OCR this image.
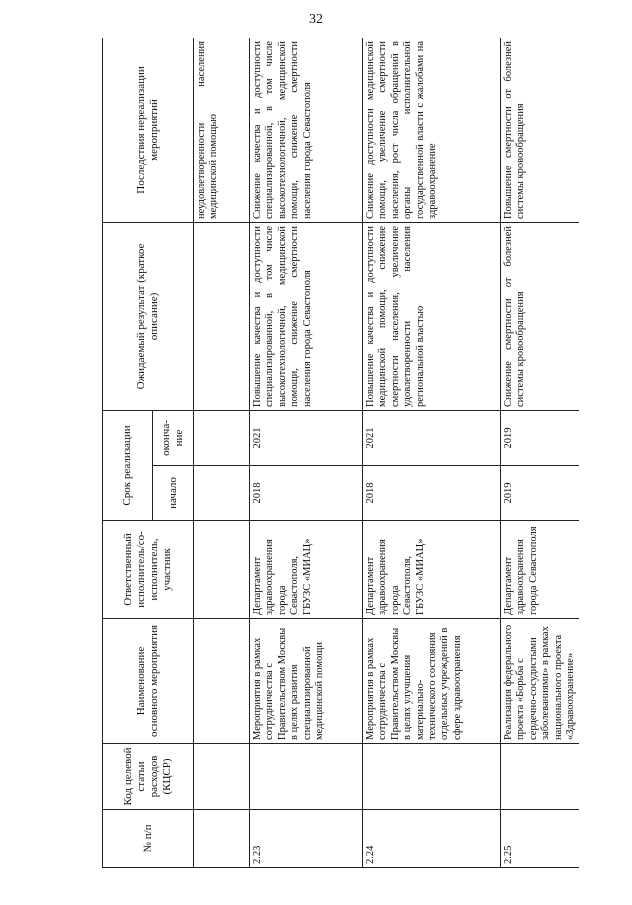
32
№ п/п	Код целевой статьи расходов (КЦСР)	Наименование основного мероприятия	Ответственный исполнитель/со-исполнитель, участник	Срок реализации		Ожидаемый результат (краткое описание)	Последствия нереализации мероприятий
				начало	оконча-ние		
							неудовлетворенности населения медицинской помощью
2.23		Мероприятия в рамках сотрудничества с Правительством Москвы в целях развития специализированной медицинской помощи	Департамент здравоохранения города Севастополя, ГБУЗС «МИАЦ»	2018	2021	Повышение качества и доступности специализированной, в том числе высокотехнологичной, медицинской помощи, снижение смертности населения города Севастополя	Снижение качества и доступности специализированной, в том числе высокотехнологичной, медицинской помощи, снижение смертности населения города Севастополя
2.24		Мероприятия в рамках сотрудничества с Правительством Москвы в целях улучшения материально-технического состояния отдельных учреждений в сфере здравоохранения	Департамент здравоохранения города Севастополя, ГБУЗС «МИАЦ»	2018	2021	Повышение качества и доступности медицинской помощи, снижение смертности населения, увеличение удовлетворенности населения региональной властью	Снижение доступности медицинской помощи, увеличение смертности населения, рост числа обращений в органы исполнительной государственной власти с жалобами на здравоохранение
2.25		Реализация федерального проекта «Борьба с сердечно-сосудистыми заболеваниями» в рамках национального проекта «Здравоохранение»	Департамент здравоохранения города Севастополя	2019	2019	Снижение смертности от болезней системы кровообращения	Повышение смертности от болезней системы кровообращения
